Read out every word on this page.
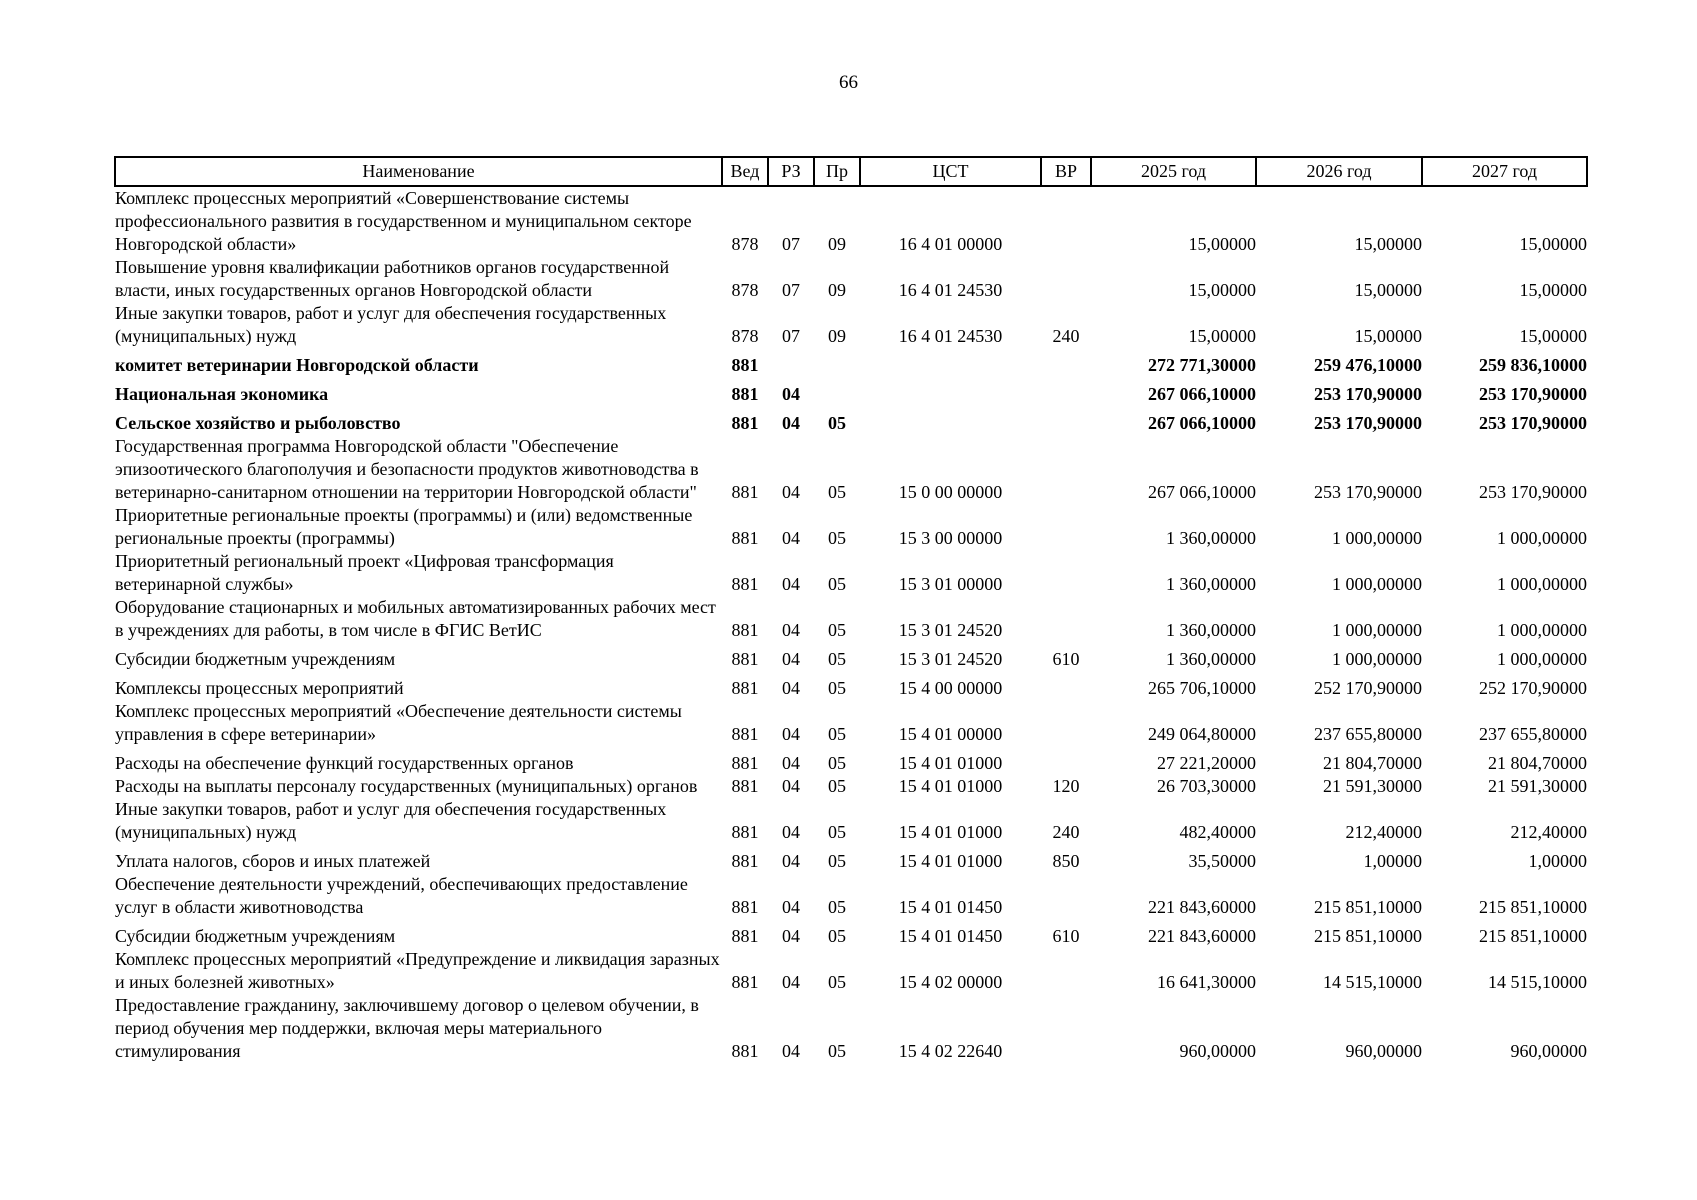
66
Наименование	Вед	РЗ	Пр	ЦСТ	ВР	2025 год	2026 год	2027 год
Комплекс процессных мероприятий «Совершенствование системы профессионального развития в государственном и муниципальном секторе Новгородской области»	878	07	09	16 4 01 00000		15,00000	15,00000	15,00000
Повышение уровня квалификации работников органов государственной власти, иных государственных органов Новгородской области	878	07	09	16 4 01 24530		15,00000	15,00000	15,00000
Иные закупки товаров, работ и услуг для обеспечения государственных (муниципальных) нужд	878	07	09	16 4 01 24530	240	15,00000	15,00000	15,00000
комитет ветеринарии Новгородской области	881					272 771,30000	259 476,10000	259 836,10000
Национальная экономика	881	04				267 066,10000	253 170,90000	253 170,90000
Сельское хозяйство и рыболовство	881	04	05			267 066,10000	253 170,90000	253 170,90000
Государственная программа Новгородской области "Обеспечение эпизоотического благополучия и безопасности продуктов животноводства в ветеринарно-санитарном отношении на территории Новгородской области"	881	04	05	15 0 00 00000		267 066,10000	253 170,90000	253 170,90000
Приоритетные региональные проекты (программы) и (или) ведомственные региональные проекты (программы)	881	04	05	15 3 00 00000		1 360,00000	1 000,00000	1 000,00000
Приоритетный региональный проект «Цифровая трансформация ветеринарной службы»	881	04	05	15 3 01 00000		1 360,00000	1 000,00000	1 000,00000
Оборудование стационарных и мобильных автоматизированных рабочих мест в учреждениях для работы, в том числе в ФГИС ВетИС	881	04	05	15 3 01 24520		1 360,00000	1 000,00000	1 000,00000
Субсидии бюджетным учреждениям	881	04	05	15 3 01 24520	610	1 360,00000	1 000,00000	1 000,00000
Комплексы процессных мероприятий	881	04	05	15 4 00 00000		265 706,10000	252 170,90000	252 170,90000
Комплекс процессных мероприятий «Обеспечение деятельности системы управления в сфере ветеринарии»	881	04	05	15 4 01 00000		249 064,80000	237 655,80000	237 655,80000
Расходы на обеспечение функций государственных органов	881	04	05	15 4 01 01000		27 221,20000	21 804,70000	21 804,70000
Расходы на выплаты персоналу государственных (муниципальных) органов	881	04	05	15 4 01 01000	120	26 703,30000	21 591,30000	21 591,30000
Иные закупки товаров, работ и услуг для обеспечения государственных (муниципальных) нужд	881	04	05	15 4 01 01000	240	482,40000	212,40000	212,40000
Уплата налогов, сборов и иных платежей	881	04	05	15 4 01 01000	850	35,50000	1,00000	1,00000
Обеспечение деятельности учреждений, обеспечивающих предоставление услуг в области животноводства	881	04	05	15 4 01 01450		221 843,60000	215 851,10000	215 851,10000
Субсидии бюджетным учреждениям	881	04	05	15 4 01 01450	610	221 843,60000	215 851,10000	215 851,10000
Комплекс процессных мероприятий «Предупреждение и ликвидация заразных и иных болезней животных»	881	04	05	15 4 02 00000		16 641,30000	14 515,10000	14 515,10000
Предоставление гражданину, заключившему договор о целевом обучении, в период обучения мер поддержки, включая меры материального стимулирования	881	04	05	15 4 02 22640		960,00000	960,00000	960,00000
